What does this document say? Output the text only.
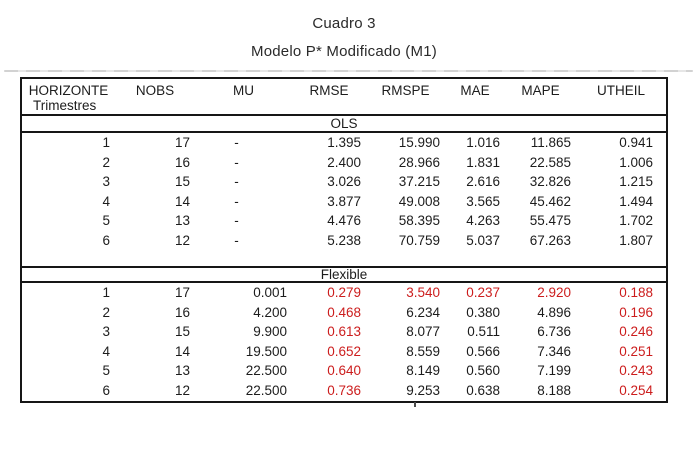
Cuadro 3
Modelo P* Modificado (M1)
HORIZONTE	NOBS	MU	RMSE	RMSPE	MAE	MAPE	UTHEIL
Trimestres
OLS
1	17	-	1.395	15.990	1.016	11.865	0.941
2	16	-	2.400	28.966	1.831	22.585	1.006
3	15	-	3.026	37.215	2.616	32.826	1.215
4	14	-	3.877	49.008	3.565	45.462	1.494
5	13	-	4.476	58.395	4.263	55.475	1.702
6	12	-	5.238	70.759	5.037	67.263	1.807
Flexible
1	17	0.001	0.279	3.540	0.237	2.920	0.188
2	16	4.200	0.468	6.234	0.380	4.896	0.196
3	15	9.900	0.613	8.077	0.511	6.736	0.246
4	14	19.500	0.652	8.559	0.566	7.346	0.251
5	13	22.500	0.640	8.149	0.560	7.199	0.243
6	12	22.500	0.736	9.253	0.638	8.188	0.254
